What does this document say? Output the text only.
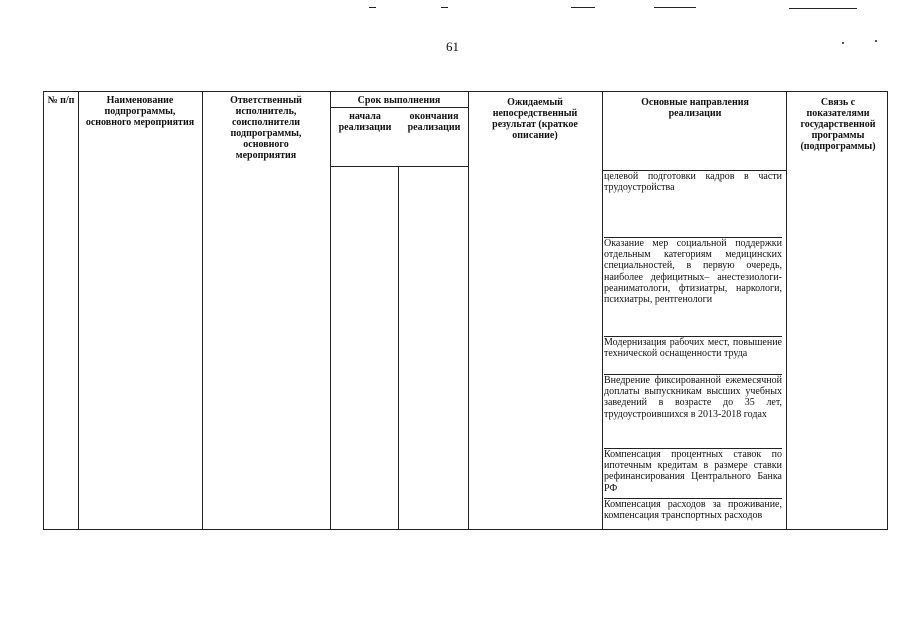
61
№ п/п	Наименование подпрограммы, основного мероприятия
Ответственный исполнитель, соисполнители подпрограммы, основного мероприятия
Срок выполнения
начала реализации
окончания реализации
Ожидаемый непосредственный результат (краткое описание)
Основные направления реализации
Связь с показателями государственной программы (подпрограммы)
целевой подготовки кадров в части трудоустройства
Оказание мер социальной поддержки отдельным категориям медицинских специальностей, в первую очередь, наиболее дефицитных– анестезиологи-реаниматологи, фтизиатры, наркологи, психиатры, рентгенологи
Модернизация рабочих мест, повышение технической оснащенности труда
Внедрение фиксированной ежемесячной доплаты выпускникам высших учебных заведений в возрасте до 35 лет, трудоустроившихся в 2013-2018 годах
Компенсация процентных ставок по ипотечным кредитам в размере ставки рефинансирования Центрального Банка РФ
Компенсация расходов за проживание, компенсация транспортных расходов
